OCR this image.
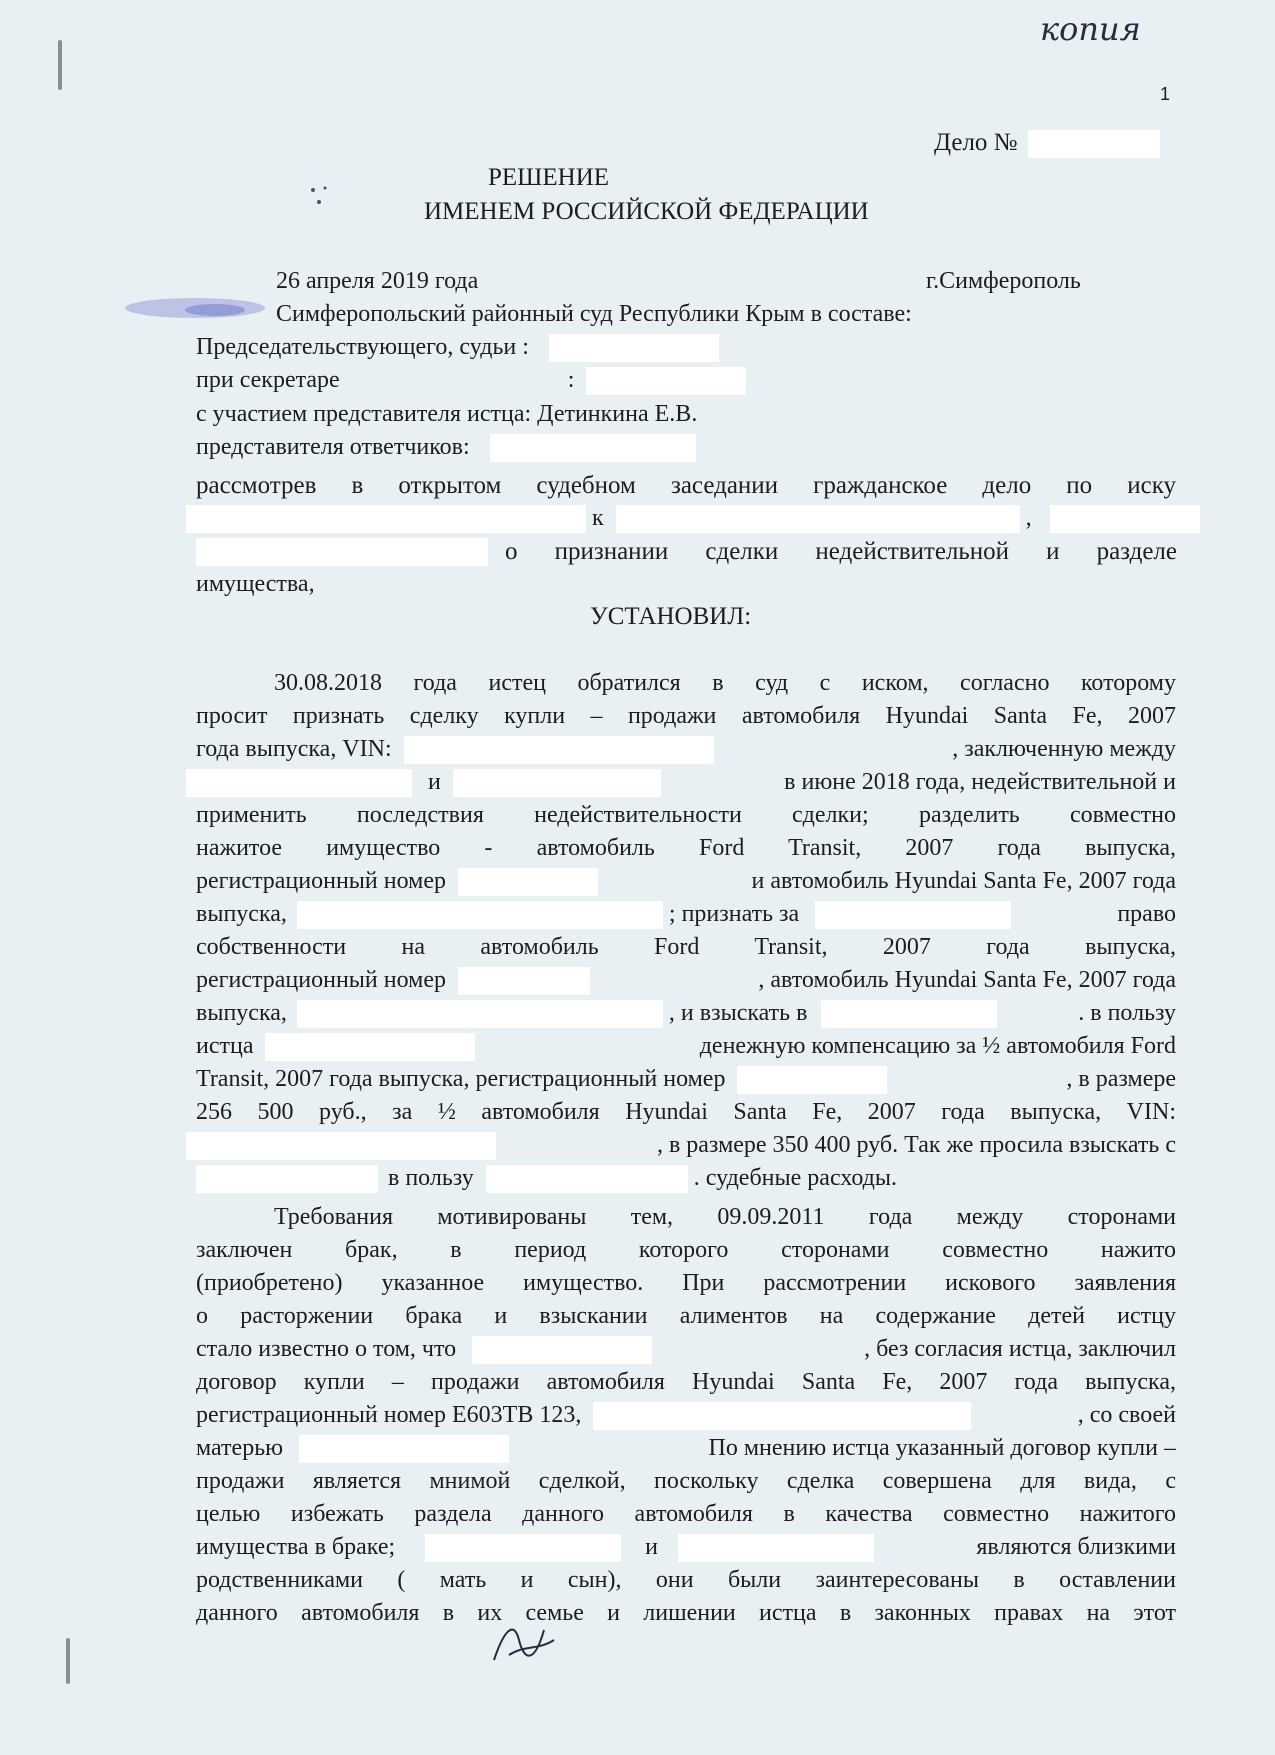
копия
1
Дело №
РЕШЕНИЕ
ИМЕНЕМ РОССИЙСКОЙ ФЕДЕРАЦИИ
26 апреля 2019 года	г.Симферополь
Симферопольский районный суд Республики Крым в составе:
Председательствующего, судьи :
при секретаре	:
с участием представителя истца: Детинкина Е.В.
представителя ответчиков:
рассмотрев в открытом судебном заседании гражданское дело по иску
к	,
о признании сделки недействительной и разделе
имущества,
УСТАНОВИЛ:
30.08.2018 года истец обратился в суд с иском, согласно которому
просит признать сделку купли – продажи автомобиля Hyundai Santa Fe, 2007
года выпуска, VIN:	, заключенную между
и	в июне 2018 года, недействительной и
применить последствия недействительности сделки; разделить совместно
нажитое имущество - автомобиль Ford Transit, 2007 года выпуска,
регистрационный номер	и автомобиль Hyundai Santa Fe, 2007 года
выпуска,	; признать за	право
собственности на автомобиль Ford Transit, 2007 года выпуска,
регистрационный номер	, автомобиль Hyundai Santa Fe, 2007 года
выпуска,	, и взыскать в	. в пользу
истца	денежную компенсацию за ½ автомобиля Ford
Transit, 2007 года выпуска, регистрационный номер	, в размере
256 500 руб., за ½ автомобиля Hyundai Santa Fe, 2007 года выпуска, VIN:
, в размере 350 400 руб. Так же просила взыскать с
в пользу	. судебные расходы.
Требования мотивированы тем, 09.09.2011 года между сторонами
заключен брак, в период которого сторонами совместно нажито
(приобретено) указанное имущество. При рассмотрении искового заявления
о расторжении брака и взыскании алиментов на содержание детей истцу
стало известно о том, что	, без согласия истца, заключил
договор купли – продажи автомобиля Hyundai Santa Fe, 2007 года выпуска,
регистрационный номер Е603ТВ 123,	, со своей
матерью	По мнению истца указанный договор купли –
продажи является мнимой сделкой, поскольку сделка совершена для вида, с
целью избежать раздела данного автомобиля в качества совместно нажитого
имущества в браке;	и	являются близкими
родственниками ( мать и сын), они были заинтересованы в оставлении
данного автомобиля в их семье и лишении истца в законных правах на этот
